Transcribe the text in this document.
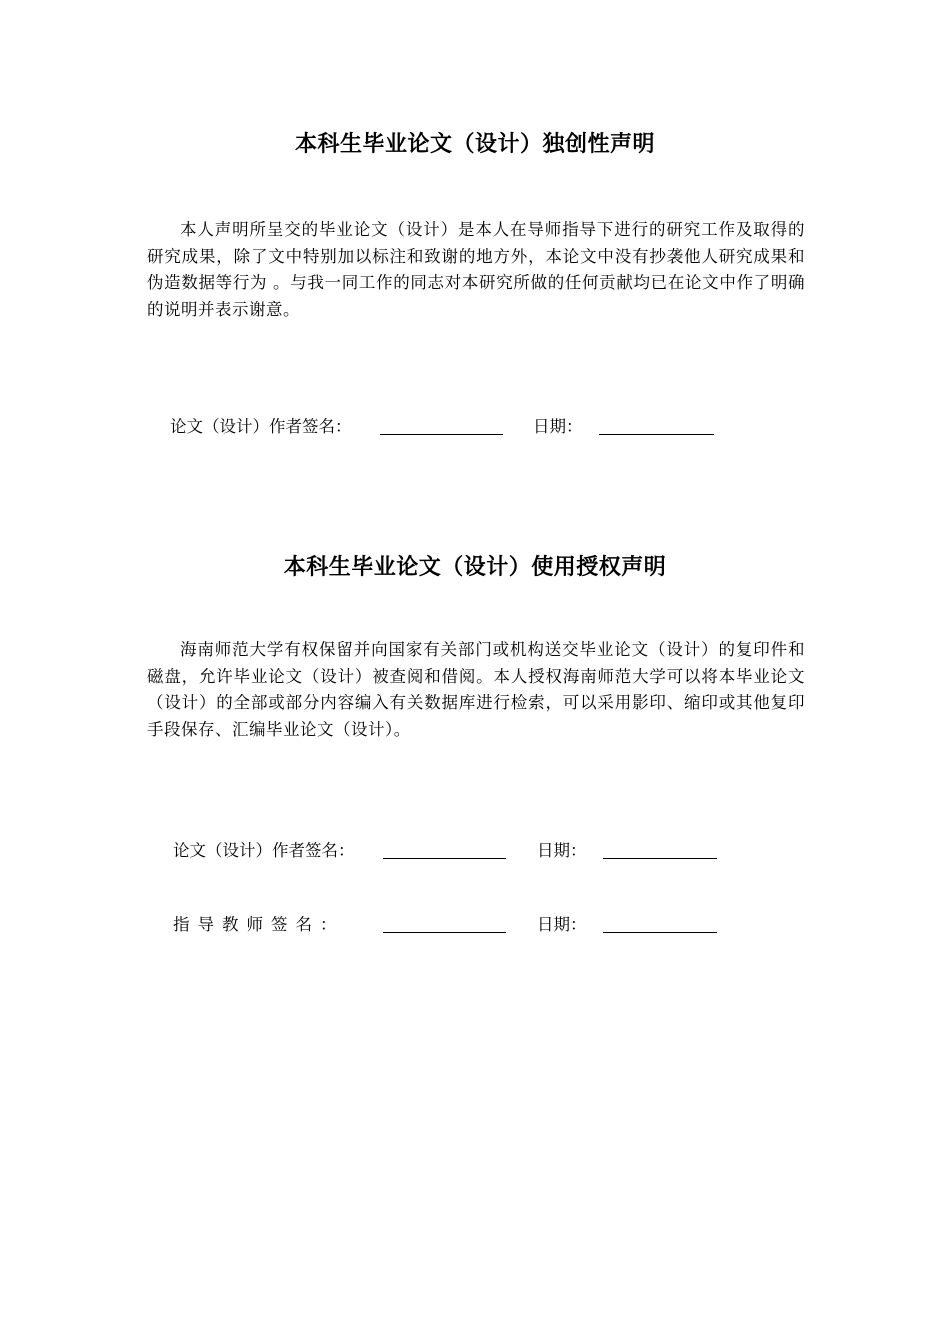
本科生毕业论文（设计）独创性声明

本人声明所呈交的毕业论文（设计）是本人在导师指导下进行的研究工作及取得的研究成果，除了文中特别加以标注和致谢的地方外，本论文中没有抄袭他人研究成果和伪造数据等行为 。与我一同工作的同志对本研究所做的任何贡献均已在论文中作了明确的说明并表示谢意。

论文（设计）作者签名：	日期：
本科生毕业论文（设计）使用授权声明

海南师范大学有权保留并向国家有关部门或机构送交毕业论文（设计）的复印件和磁盘，允许毕业论文（设计）被查阅和借阅。本人授权海南师范大学可以将本毕业论文（设计）的全部或部分内容编入有关数据库进行检索，可以采用影印、缩印或其他复印手段保存、汇编毕业论文（设计）。

论文（设计）作者签名：	日期：
指导教师签名：	日期：
